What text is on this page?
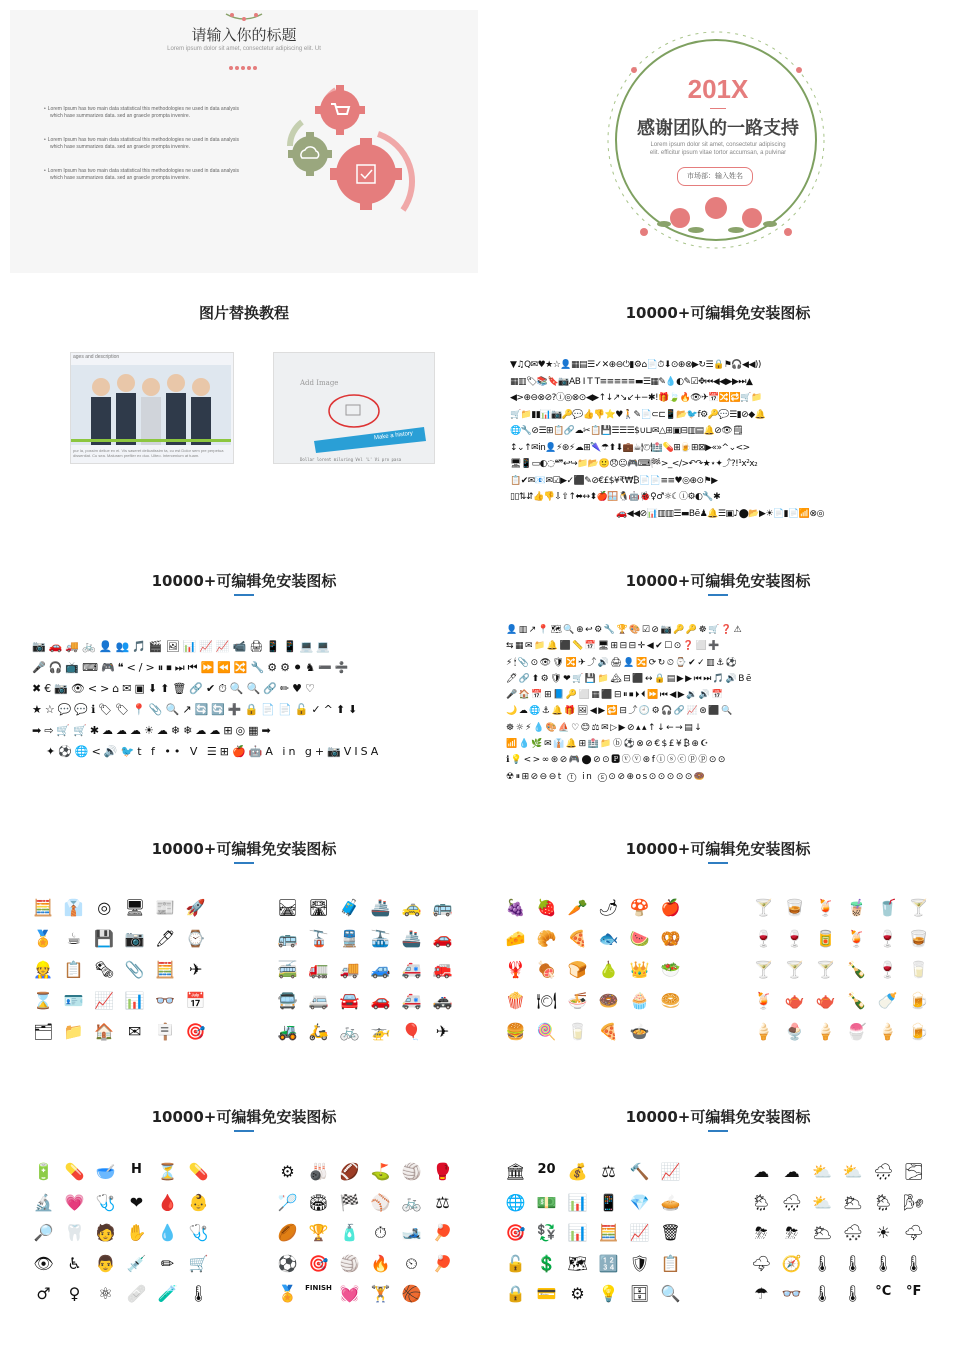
请输入你的标题
Lorem ipsum dolor sit amet, consectetur adipiscing elit. Ut

• Lorem Ipsum has two main data statistical this methodologies ne used in data analysis which hase summarizes data. sed an graecle prompta invenire.

• Lorem Ipsum has two main data statistical this methodologies ne used in data analysis which hase summarizes data. sed an graecle prompta invenire.

• Lorem Ipsum has two main data statistical this methodologies ne used in data analysis which hase summarizes data. sed an graecle prompta invenire.

201X
感谢团队的一路支持
Lorem ipsum dolor sit amet, consectetur adipiscing
elit. efficitur ipsum vitae tortor accumsan, a pulvinar
市场部：输入姓名
图片替换教程
ages and description
pur la, possim deliue ex ei. Vis saseret delicatissim ta, cu est Dolor sem pre perpetua dissentiat. Cu sea. Maluram prefiler ex duo. Ulteo. Intercenium at tuam.
Add Image
Make a history
Dollar lorent miluring Vel 'L' Vi pro pasa
10000+可编辑免安装图标
▼♫Q✉♥★☆👤▦▤☰✓✕⊕⊖⏻▮⚙⌂📄⏱⬇⊙⊕⊗▶↻☰🔒⚑🎧◀◀))
▦▥🏷📚🔖📷AB I T T≡≡≡≡≡▬☰▦✎💧◐✎☑✥⏮◀◀▶▶⏭▲
◀>⊕⊖⊗⊘?ⓘ◎⊗⊙◀▶↑↓↗↘↙+−✱!🎁🍃🔥👁✈📅🔀🔁🛒📁
🛒📁▮▮📊📷🔑💬👍👎⭐♥🚶✎📄⊂⊏📱📂🐦f⚙🔑💬☰▮⊘◆🔔
🌐🔧⊘☰⊞📋🔗☁✂📋💾☰☰☰$∪⊔✉△⊞▣⊟▥▤🔔⊘👁🗒
↕⌄↑✉in👤⚡⊛⚡☁⊞🌂☂⬆⬇💼☕🍽🏥💊⊞🍺⊞⊠▶«»^⌄<>
🖥📱▭◐◌❝❞↩↪📁📂🙂😞😐🎮⌨🏁>_</>↶↷★⋆✦⤴?!¹x²x₂
📋✔✉📧✉☑▶✓⬛✎⊘€£$¥₹₩₿📄📄≡≡♥◎⊕⊙⚑▶
▯▯⇅⇵👍👎⇩⇧↑⬌↔⬍🍎🪟🐧🤖🐞♀♂☼☾ⓘ⚙◐🔧✱
🚗◀◀⊘📊▥▥☰▬Bē♟🔔☰▣♪⬤📂▶☀📄▮📄📶⊗◎
10000+可编辑免安装图标
📷🚗🚚🚲👤👥🎵🎬🖼📊📈📈📹🖨📱📱💻💻
🎤🎧📺⌨🎮❝</>⏸⏹⏭⏮⏩⏪🔀🔧⚙⚙⚫♞➖➗
✖€📷👁<>⌂✉▣⬇⬆🗑🔗✔⏱🔍🔍🔗✏♥♡
★☆💬💬ℹ🏷🏷📍📎🔍↗🔄🔄➕🔒📄📄🔓✓^⬆⬇
➡⇨🛒🛒✱☁☁☁☀☁❄❄☁☁⊞◎▦➡
✦⚽🌐<🔊🐦t f •• V ☰⊞🍎🤖A in g+📷VISA
10000+可编辑免安装图标
👤▥↗📍🗺🔍⊕↩⚙🔧🏆🎨☑⊘📷🔑🔑☸🛒❓⚠
⇆▦✉📁🔔⬛📏📅🖥⊞⊟⊟✛◀✔☐⊙❓⬜➕
⚡🕯📎⊙👁🛡🔀✈⤴🔊🖨👤🔀⟳↻⏲⌚✔✓▥⚓⚽
🖊🔗⬆⚙🛡❤🛒💾📁🏔⊟⬛↔🔒▤▶▶⏮⏭🎵🔊Bē
🎤🏠📅⊞📘🔑⬜▦⬛⊟⏸⏹⏵⏴⏩⏮◀▶🔉🔊📅
🌙☁🌐⚓🔔🎁🖼◀▶🔁⊟⤴🕘⚙🎧🔗📈⊛⬛🔍
☸☼⚡💧🎨⛵♡😊⚖✉▷▶⊘▴▴↑↓←→▤↓
📶💧🌿✉👔🔔⊞🏥📁ⓑ⚽⊗⊘€$£¥₿⊕☪
ℹ💡<>∞⊛⊘🎮⬤⊘⊙🅿ⓥⓥ⊛fⓘⓢⓒⓟⓟ⊙⊙
☢⏸⊞⊘⊖⊖t ⓣ in ⓢ⊙⊘⊕os⊙⊙⊙⊙⊙🍩
10000+可编辑免安装图标
🧮 👔 ◎ 🖥 📰 🚀
🏅 ☕ 💾 📷 🖊 ⌚
👷 📋 🗞 📎 🧮 ✈
⌛ 🪪 📈 📊 👓 📅
🗂 📁 🏠 ✉ 🪧 🎯
🛤 🛣 🧳 🚢 🚕 🚌
🚌 🚡 🚆 🚠 🚢 🚗
🚎 🚛 🚚 🚙 🚑 🚒
🚍 🚐 🚘 🚗 🚑 🚓
🚜 🛵 🚲 🚁 🎈 ✈
10000+可编辑免安装图标
🍇 🍓 🥕 🌶 🍄 🍎
🧀 🥐 🍕 🐟 🍉 🥨
🦞 🍖 🍞 🍐 👑 🥗
🍿 🍽 🍜 🍩 🧁 🥯
🍔 🍭 🥛 🍕 🍲
🍸 🥃 🍹 🧋 🥤 🍸
🍷 🍷 🥫 🍹 🍷 🥃
🍸 🍸 🍸 🍾 🍷 🥛
🍹 🫖 🫖 🍾 🍼 🍺
🍦 🍨 🍦 🍧 🍦 🍺
10000+可编辑免安装图标
🔋 💊 🥣	H ⏳ 💊
🔬 💗 🩺 ❤ 🩸 👶
🔎 🦷 🧑 ✋ 💧 🩺
👁 ♿ 👨 💉 ✏ 🛒
♂	♀	⚛ 🩹 🧪 🌡
⚙ 🎳 🏈 ⛳ 🏐 🥊
🏸 🏟 🏁 ⚾ 🚲 ⚖
🏉 🏆 🧴 ⏱ 🎿 🏓
⚽ 🎯 🏐 🔥 ⏲ 🏓
🏅	FINISH 💓 🏋 🏀
10000+可编辑免安装图标
🏛 20 💰 ⚖ 🔨 📈
🌐 💵 📊 📱 💎 🥧
🎯 💱 📊 🧮 📈 🗑
🔓 💲 🗺 🔢 🛡 📋
🔒 💳 ⚙ 💡 🗄 🔍
☁ ☁ ⛅ ⛅ 🌧 🌫
🌦 🌧 ⛅ 🌥 🌦 🌬
⛈	⛈ 🌥 🌨 ☀ 🌩
🌩 🧭 🌡 🌡 🌡 🌡
☂ 👓 🌡 🌡 °C	°F
